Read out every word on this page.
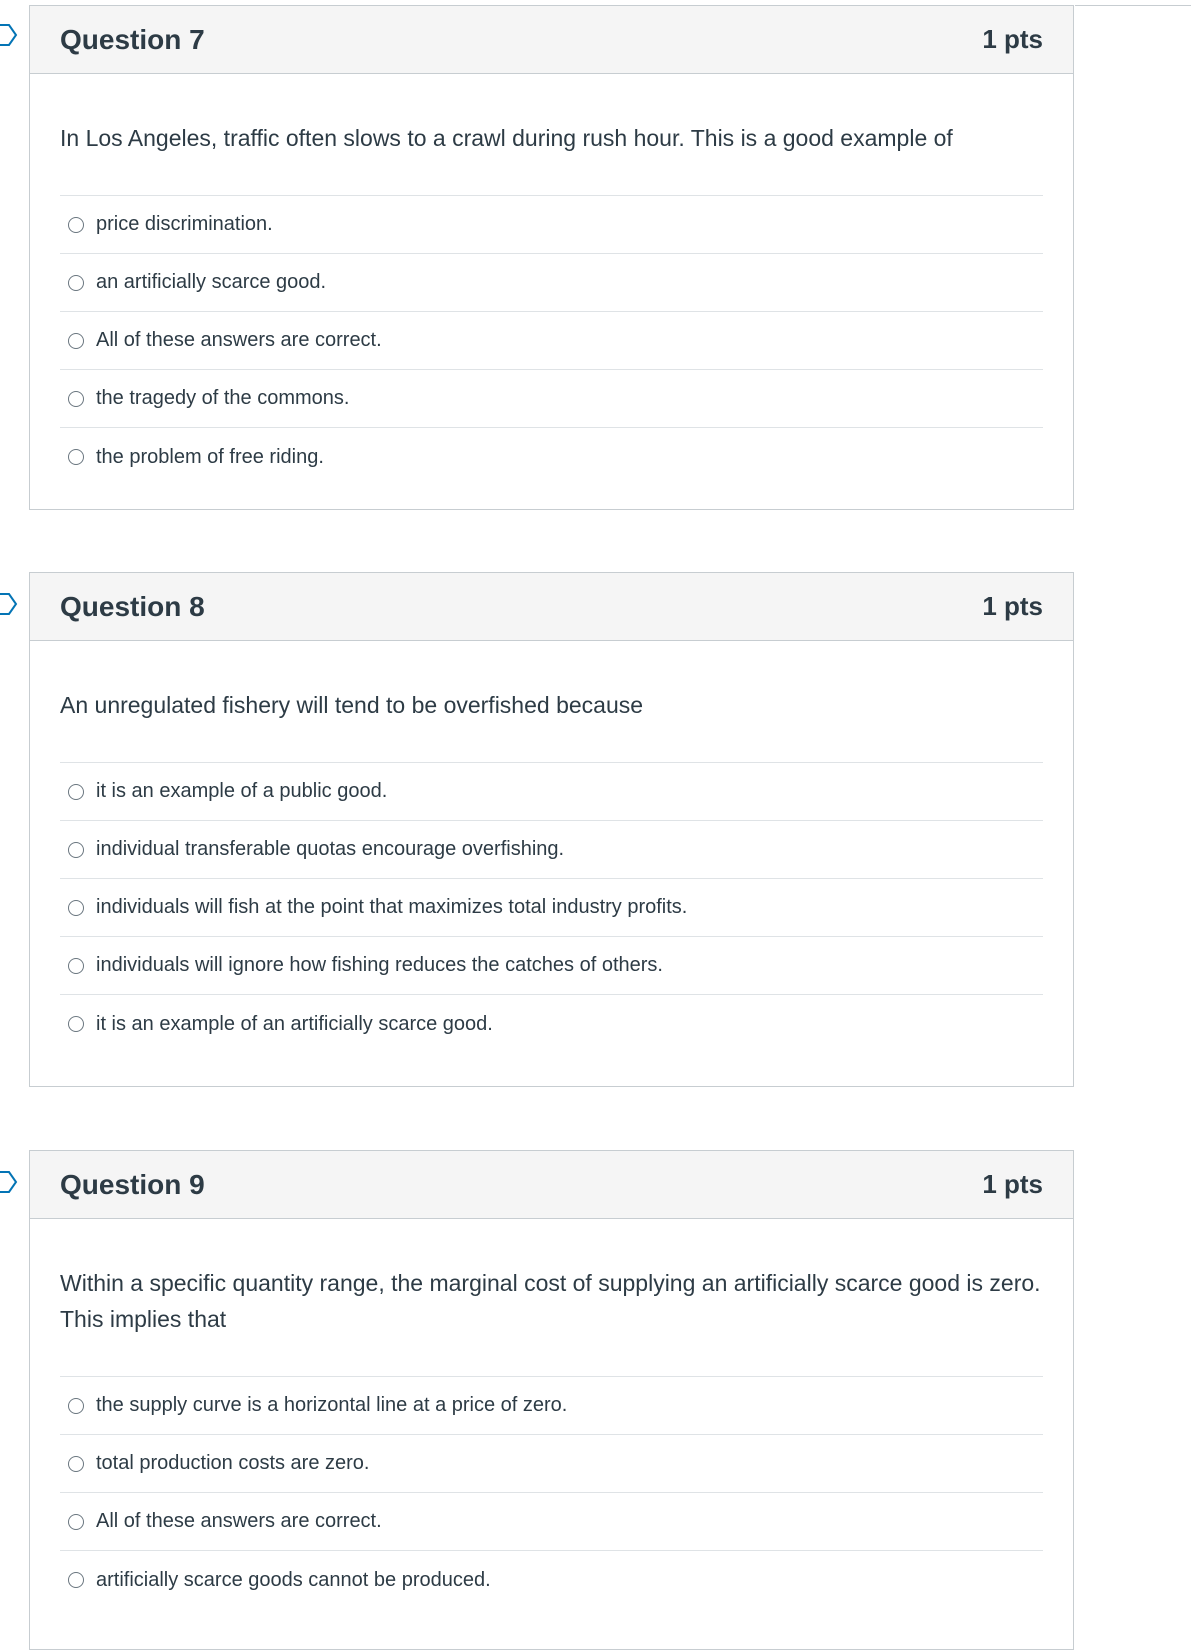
Question 7	1 pts

In Los Angeles, traffic often slows to a crawl during rush hour. This is a good example of

price discrimination.
an artificially scarce good.
All of these answers are correct.
the tragedy of the commons.
the problem of free riding.
Question 8	1 pts

An unregulated fishery will tend to be overfished because

it is an example of a public good.
individual transferable quotas encourage overfishing.
individuals will fish at the point that maximizes total industry profits.
individuals will ignore how fishing reduces the catches of others.
it is an example of an artificially scarce good.
Question 9	1 pts

Within a specific quantity range, the marginal cost of supplying an artificially scarce good is zero. This implies that

the supply curve is a horizontal line at a price of zero.
total production costs are zero.
All of these answers are correct.
artificially scarce goods cannot be produced.
